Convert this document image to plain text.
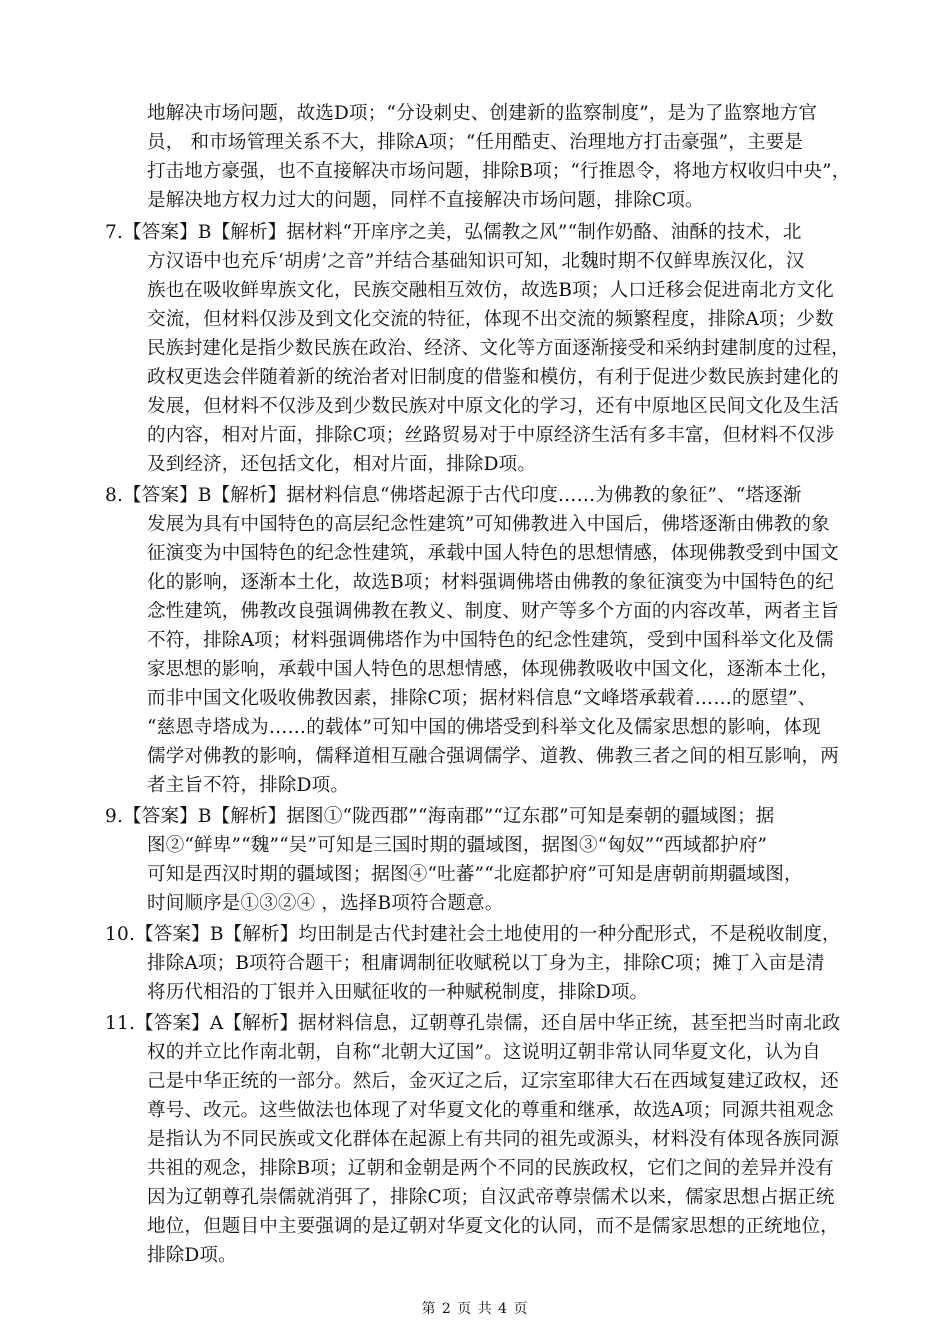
地解决市场问题，故选D项；“分设刺史、创建新的监察制度”，是为了监察地方官
员， 和市场管理关系不大，排除A项；“任用酷吏、治理地方打击豪强”，主要是
打击地方豪强，也不直接解决市场问题，排除B项；“行推恩令，将地方权收归中央”，
是解决地方权力过大的问题，同样不直接解决市场问题，排除C项。
7.【答案】B【解析】据材料“开庠序之美，弘儒教之风”“制作奶酪、油酥的技术，北
方汉语中也充斥‘胡虏’之音”并结合基础知识可知，北魏时期不仅鲜卑族汉化，汉
族也在吸收鲜卑族文化，民族交融相互效仿，故选B项；人口迁移会促进南北方文化
交流，但材料仅涉及到文化交流的特征，体现不出交流的频繁程度，排除A项；少数
民族封建化是指少数民族在政治、经济、文化等方面逐渐接受和采纳封建制度的过程，
政权更迭会伴随着新的统治者对旧制度的借鉴和模仿，有利于促进少数民族封建化的
发展，但材料不仅涉及到少数民族对中原文化的学习，还有中原地区民间文化及生活
的内容，相对片面，排除C项；丝路贸易对于中原经济生活有多丰富，但材料不仅涉
及到经济，还包括文化，相对片面，排除D项。
8.【答案】B【解析】据材料信息“佛塔起源于古代印度……为佛教的象征”、“塔逐渐
发展为具有中国特色的高层纪念性建筑”可知佛教进入中国后，佛塔逐渐由佛教的象
征演变为中国特色的纪念性建筑，承载中国人特色的思想情感，体现佛教受到中国文
化的影响，逐渐本土化，故选B项；材料强调佛塔由佛教的象征演变为中国特色的纪
念性建筑，佛教改良强调佛教在教义、制度、财产等多个方面的内容改革，两者主旨
不符，排除A项；材料强调佛塔作为中国特色的纪念性建筑，受到中国科举文化及儒
家思想的影响，承载中国人特色的思想情感，体现佛教吸收中国文化，逐渐本土化，
而非中国文化吸收佛教因素，排除C项；据材料信息“文峰塔承载着……的愿望”、
“慈恩寺塔成为……的载体”可知中国的佛塔受到科举文化及儒家思想的影响，体现
儒学对佛教的影响，儒释道相互融合强调儒学、道教、佛教三者之间的相互影响，两
者主旨不符，排除D项。
9.【答案】B【解析】据图①“陇西郡”“海南郡”“辽东郡”可知是秦朝的疆域图；据
图②“鲜卑”“魏”“吴”可知是三国时期的疆域图，据图③“匈奴”“西域都护府”
可知是西汉时期的疆域图；据图④“吐蕃”“北庭都护府”可知是唐朝前期疆域图，
时间顺序是①③②④ ，选择B项符合题意。
10.【答案】B【解析】均田制是古代封建社会土地使用的一种分配形式，不是税收制度，
排除A项；B项符合题干；租庸调制征收赋税以丁身为主，排除C项；摊丁入亩是清
将历代相沿的丁银并入田赋征收的一种赋税制度，排除D项。
11.【答案】A【解析】据材料信息，辽朝尊孔崇儒，还自居中华正统，甚至把当时南北政
权的并立比作南北朝，自称“北朝大辽国”。这说明辽朝非常认同华夏文化，认为自
己是中华正统的一部分。然后，金灭辽之后，辽宗室耶律大石在西域复建辽政权，还
尊号、改元。这些做法也体现了对华夏文化的尊重和继承，故选A项；同源共祖观念
是指认为不同民族或文化群体在起源上有共同的祖先或源头，材料没有体现各族同源
共祖的观念，排除B项；辽朝和金朝是两个不同的民族政权，它们之间的差异并没有
因为辽朝尊孔崇儒就消弭了，排除C项；自汉武帝尊崇儒术以来，儒家思想占据正统
地位，但题目中主要强调的是辽朝对华夏文化的认同，而不是儒家思想的正统地位，
排除D项。
第 2 页 共 4 页
